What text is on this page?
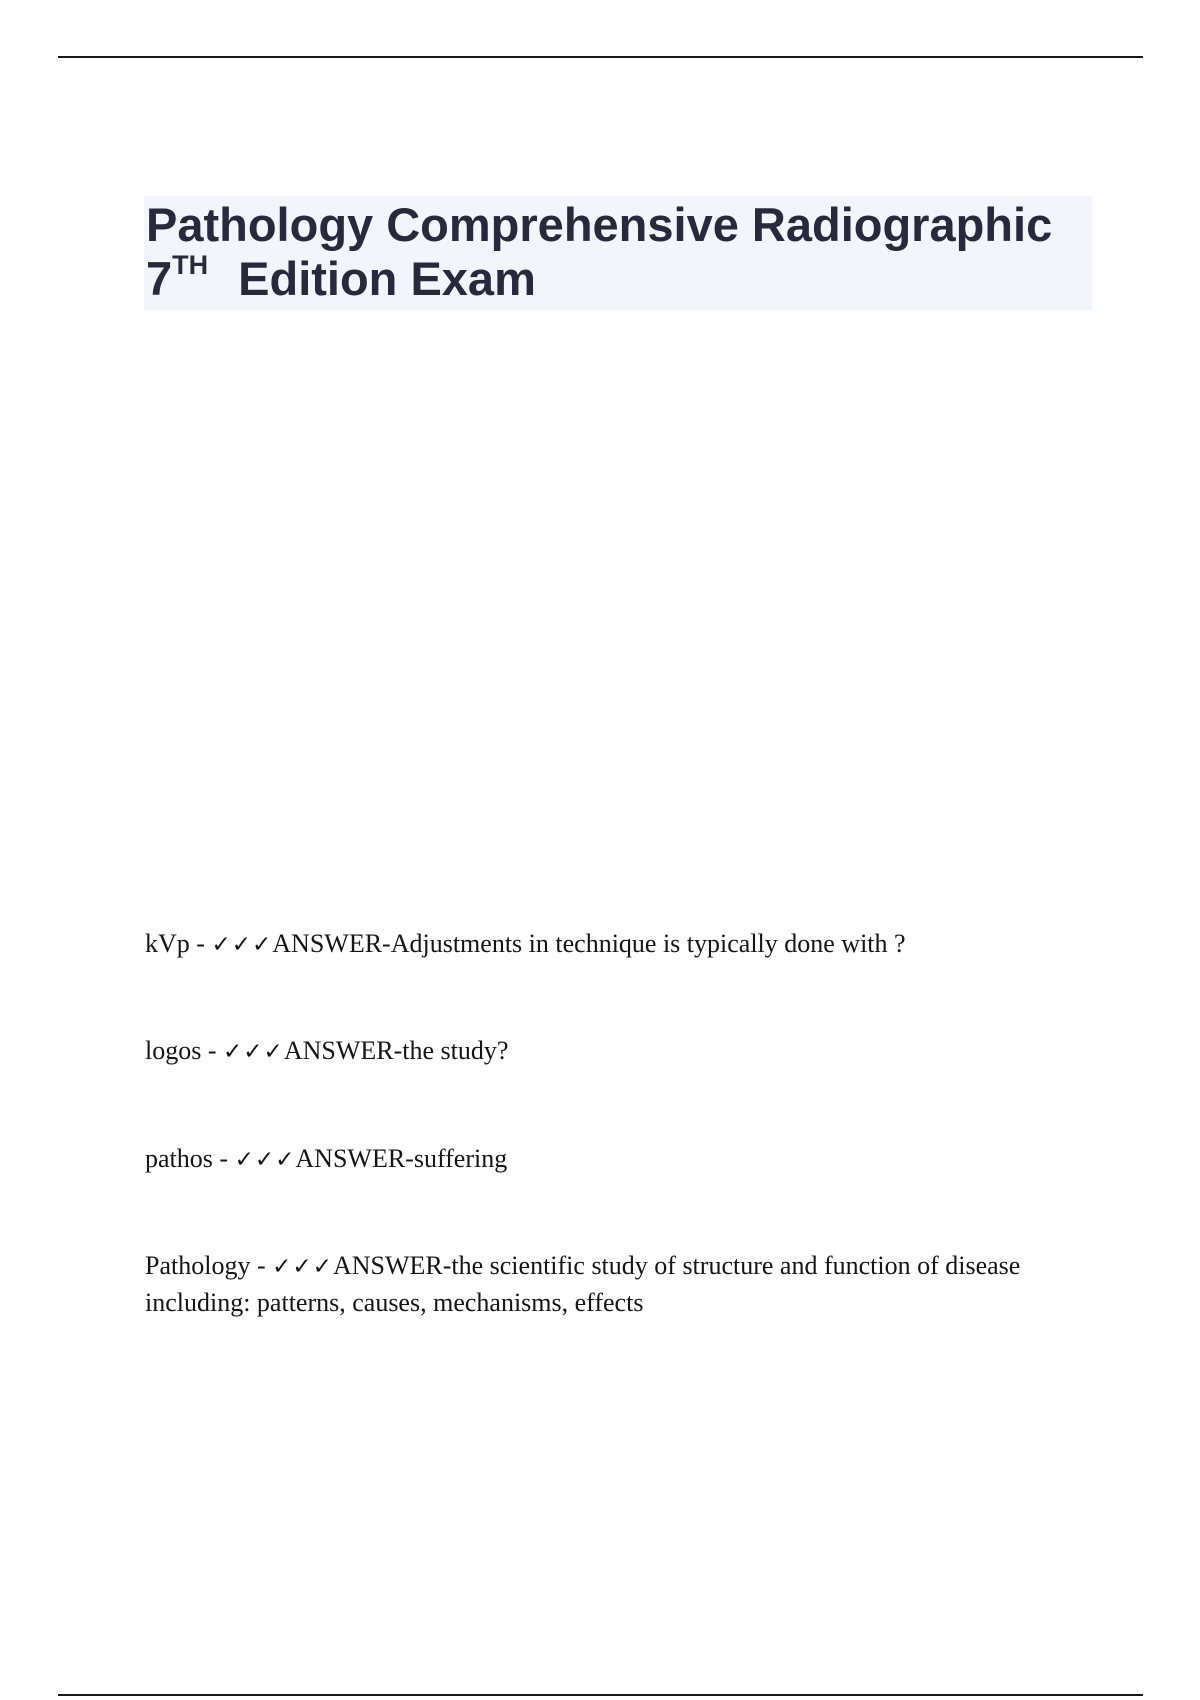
Pathology Comprehensive Radiographic
7TH Edition Exam
kVp - ✓✓✓ANSWER-Adjustments in technique is typically done with ?
logos - ✓✓✓ANSWER-the study?
pathos - ✓✓✓ANSWER-suffering
Pathology - ✓✓✓ANSWER-the scientific study of structure and function of disease including: patterns, causes, mechanisms, effects
